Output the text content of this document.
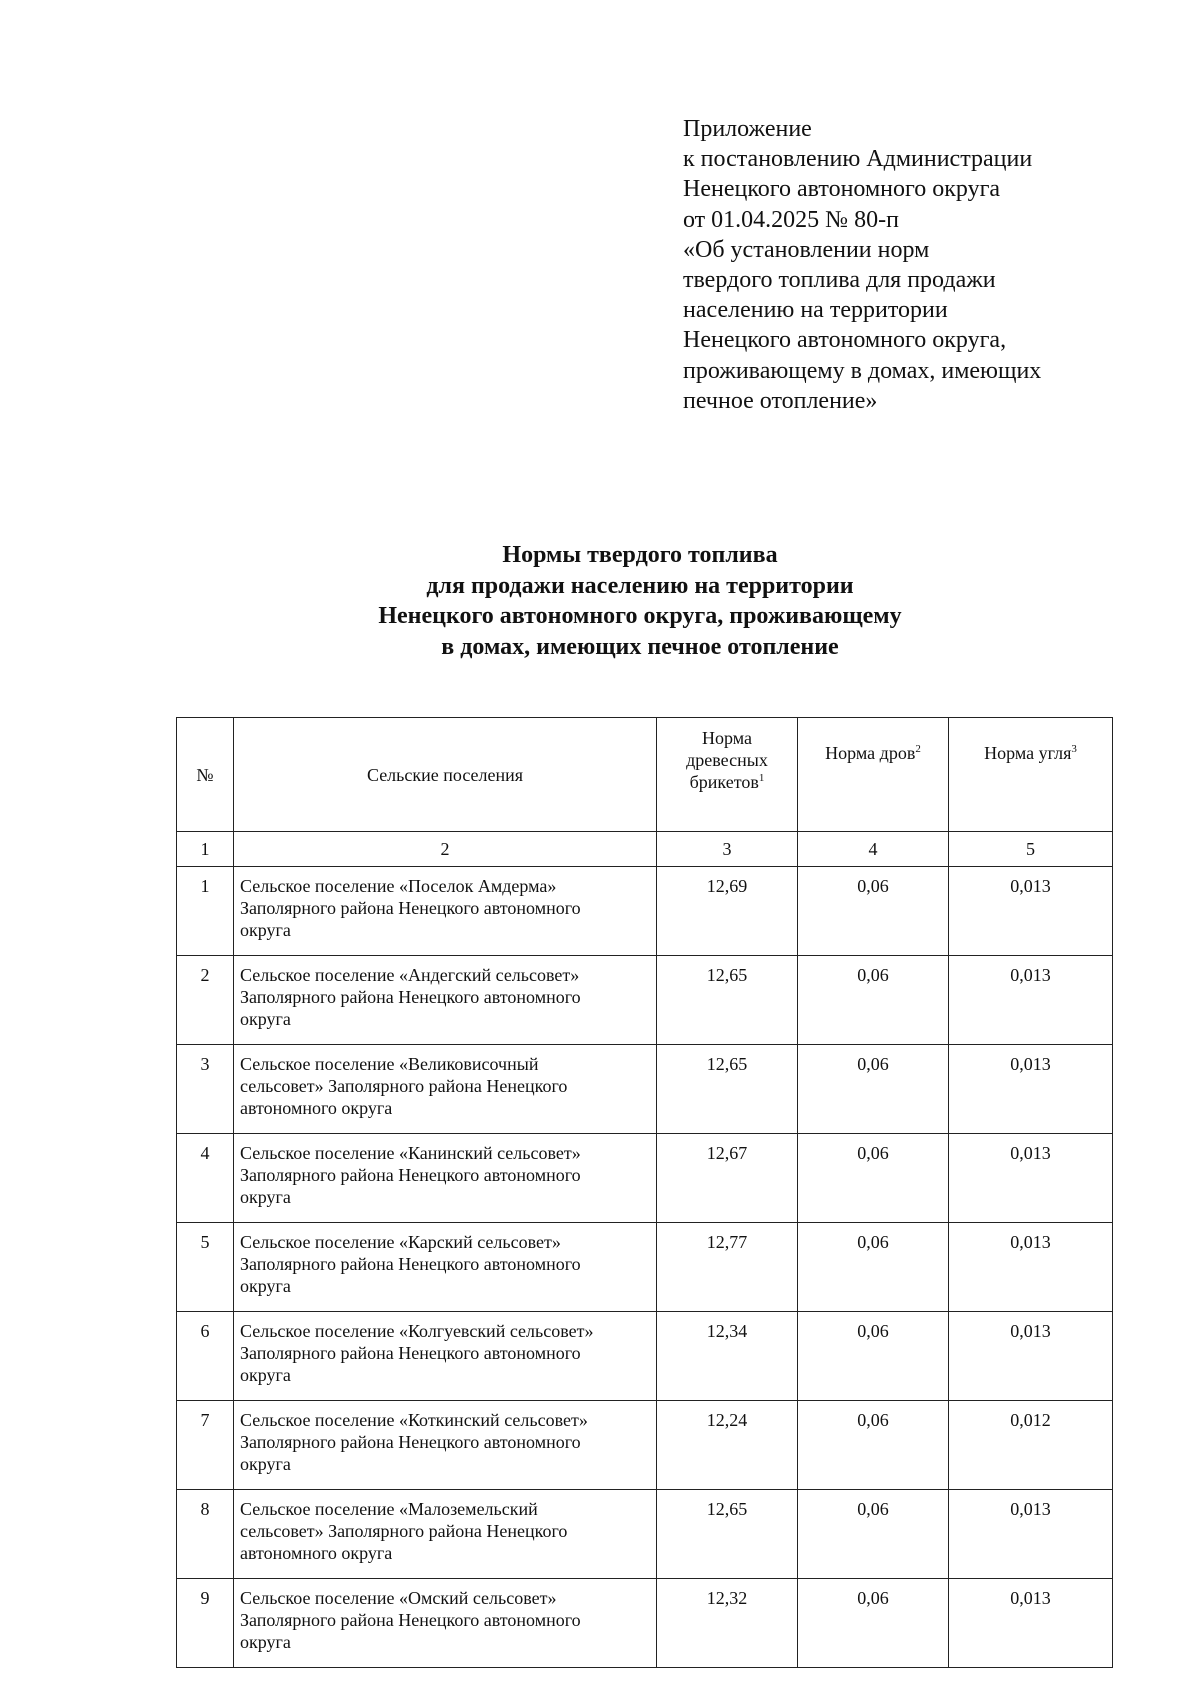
Приложение
к постановлению Администрации
Ненецкого автономного округа
от 01.04.2025 № 80-п
«Об установлении норм
твердого топлива для продажи
населению на территории
Ненецкого автономного округа,
проживающему в домах, имеющих
печное отопление»
Нормы твердого топлива
для продажи населению на территории
Ненецкого автономного округа, проживающему
в домах, имеющих печное отопление
№	Сельские поселения	Норма
древесных
брикетов$^1$	Норма дров$^2$	Норма угля$^3$
1	2	3	4	5
1	Сельское поселение «Поселок Амдерма»
Заполярного района Ненецкого автономного
округа	12,69	0,06	0,013
2	Сельское поселение «Андегский сельсовет»
Заполярного района Ненецкого автономного
округа	12,65	0,06	0,013
3	Сельское поселение «Великовисочный
сельсовет» Заполярного района Ненецкого
автономного округа	12,65	0,06	0,013
4	Сельское поселение «Канинский сельсовет»
Заполярного района Ненецкого автономного
округа	12,67	0,06	0,013
5	Сельское поселение «Карский сельсовет»
Заполярного района Ненецкого автономного
округа	12,77	0,06	0,013
6	Сельское поселение «Колгуевский сельсовет»
Заполярного района Ненецкого автономного
округа	12,34	0,06	0,013
7	Сельское поселение «Коткинский сельсовет»
Заполярного района Ненецкого автономного
округа	12,24	0,06	0,012
8	Сельское поселение «Малоземельский
сельсовет» Заполярного района Ненецкого
автономного округа	12,65	0,06	0,013
9	Сельское поселение «Омский сельсовет»
Заполярного района Ненецкого автономного
округа	12,32	0,06	0,013
